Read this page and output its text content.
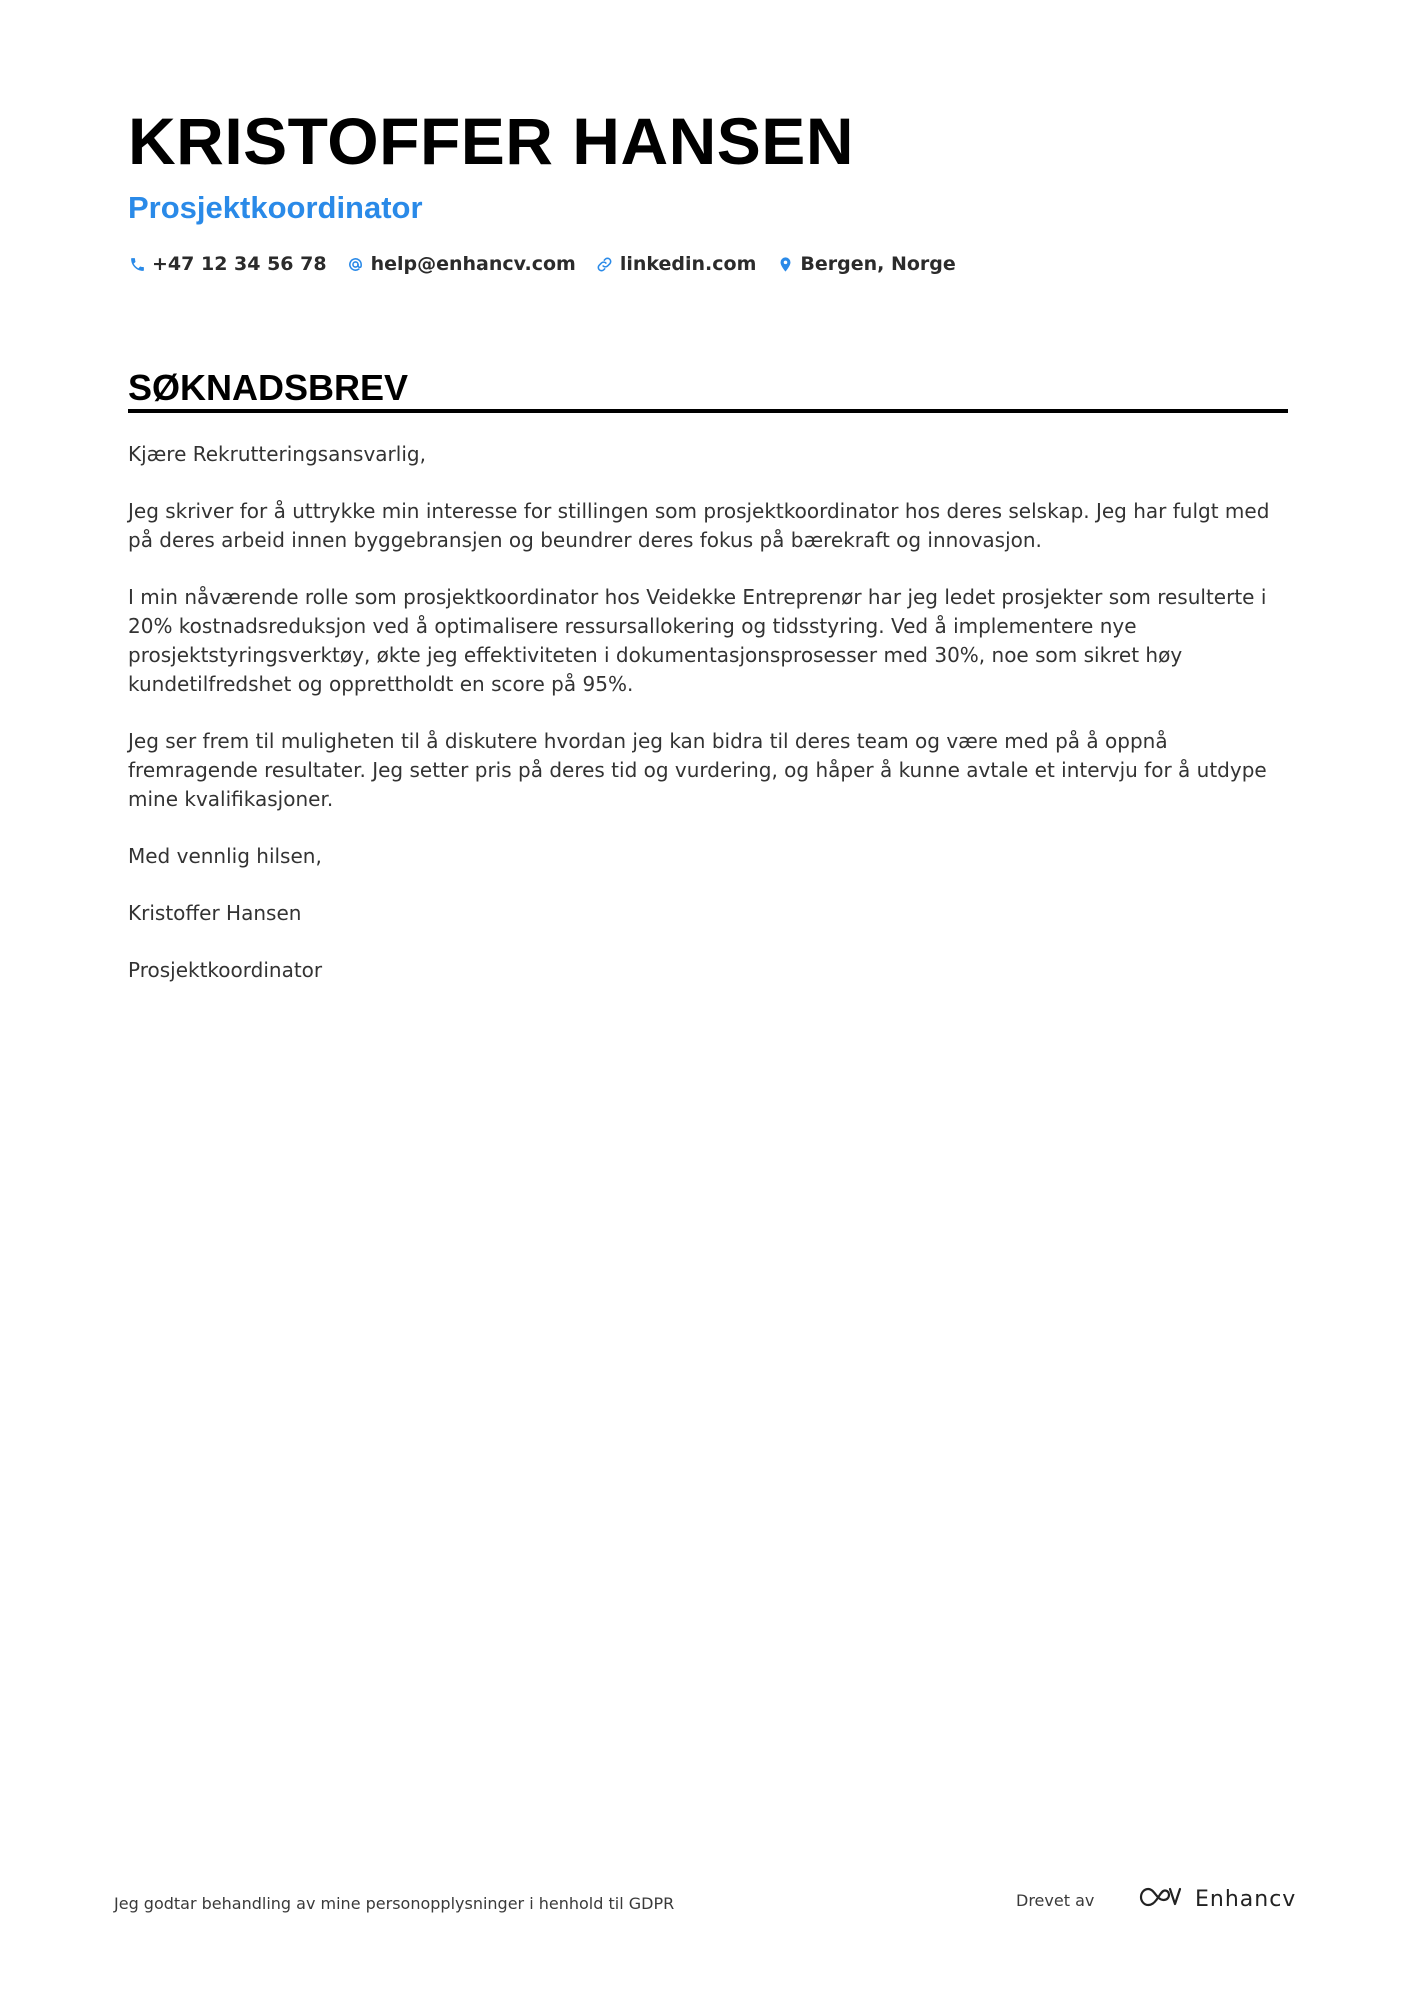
KRISTOFFER HANSEN
Prosjektkoordinator
+47 12 34 56 78 help@enhancv.com linkedin.com Bergen, Norge
SØKNADSBREV

Kjære Rekrutteringsansvarlig,

Jeg skriver for å uttrykke min interesse for stillingen som prosjektkoordinator hos deres selskap. Jeg har fulgt med på deres arbeid innen byggebransjen og beundrer deres fokus på bærekraft og innovasjon.

I min nåværende rolle som prosjektkoordinator hos Veidekke Entreprenør har jeg ledet prosjekter som resulterte i 20% kostnadsreduksjon ved å optimalisere ressursallokering og tidsstyring. Ved å implementere nye prosjektstyringsverktøy, økte jeg effektiviteten i dokumentasjonsprosesser med 30%, noe som sikret høy kundetilfredshet og opprettholdt en score på 95%.

Jeg ser frem til muligheten til å diskutere hvordan jeg kan bidra til deres team og være med på å oppnå fremragende resultater. Jeg setter pris på deres tid og vurdering, og håper å kunne avtale et intervju for å utdype mine kvalifikasjoner.

Med vennlig hilsen,

Kristoffer Hansen

Prosjektkoordinator

Jeg godtar behandling av mine personopplysninger i henhold til GDPR	Drevet av	Enhancv
